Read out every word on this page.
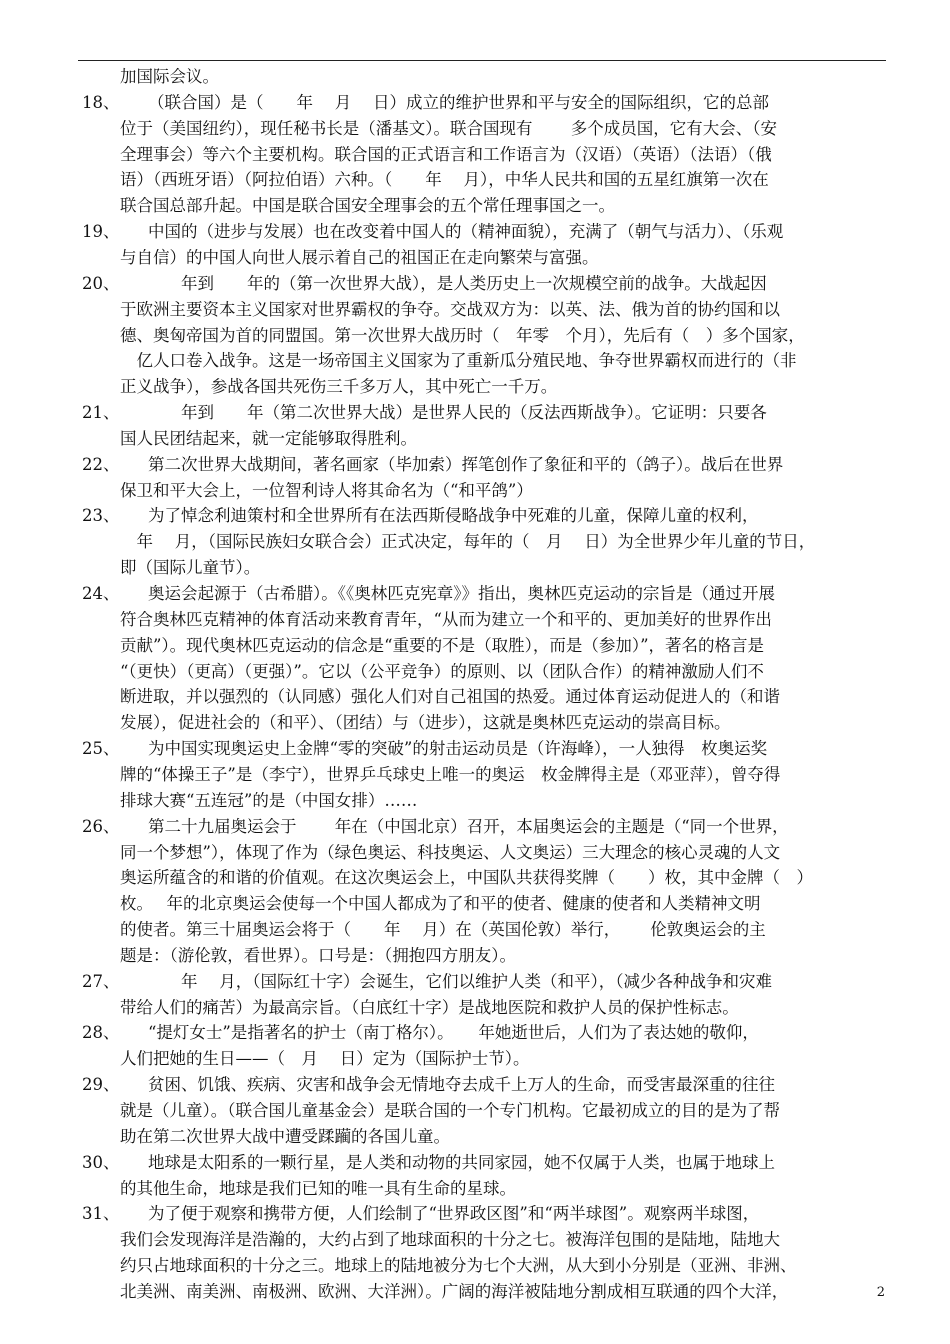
加国际会议。
18、 （联合国）是（　　年　 月　 日）成立的维护世界和平与安全的国际组织，它的总部
位于（美国纽约），现任秘书长是（潘基文）。联合国现有　　 多个成员国，它有大会、（安
全理事会）等六个主要机构。联合国的正式语言和工作语言为（汉语）（英语）（法语）（俄
语）（西班牙语）（阿拉伯语）六种。（　　年　 月），中华人民共和国的五星红旗第一次在
联合国总部升起。中国是联合国安全理事会的五个常任理事国之一。
19、 中国的（进步与发展）也在改变着中国人的（精神面貌），充满了（朝气与活力）、（乐观
与自信）的中国人向世人展示着自己的祖国正在走向繁荣与富强。
20、　　年到　　年的（第一次世界大战），是人类历史上一次规模空前的战争。大战起因
于欧洲主要资本主义国家对世界霸权的争夺。交战双方为：以英、法、俄为首的协约国和以
德、奥匈帝国为首的同盟国。第一次世界大战历时（　年零　个月），先后有（　）多个国家，
　亿人口卷入战争。这是一场帝国主义国家为了重新瓜分殖民地、争夺世界霸权而进行的（非
正义战争），参战各国共死伤三千多万人，其中死亡一千万。
21、　　年到　　年（第二次世界大战）是世界人民的（反法西斯战争）。它证明：只要各
国人民团结起来，就一定能够取得胜利。
22、 第二次世界大战期间，著名画家（毕加索）挥笔创作了象征和平的（鸽子）。战后在世界
保卫和平大会上，一位智利诗人将其命名为（“和平鸽”）
23、 为了悼念利迪策村和全世界所有在法西斯侵略战争中死难的儿童，保障儿童的权利，
　年　 月，（国际民族妇女联合会）正式决定，每年的（　月　 日）为全世界少年儿童的节日，
即（国际儿童节）。
24、 奥运会起源于（古希腊）。《《奥林匹克宪章》》指出，奥林匹克运动的宗旨是（通过开展
符合奥林匹克精神的体育活动来教育青年，“从而为建立一个和平的、更加美好的世界作出
贡献”）。现代奥林匹克运动的信念是“重要的不是（取胜），而是（参加）”，著名的格言是
“（更快）（更高）（更强）”。它以（公平竞争）的原则、以（团队合作）的精神激励人们不
断进取，并以强烈的（认同感）强化人们对自己祖国的热爱。通过体育运动促进人的（和谐
发展），促进社会的（和平）、（团结）与（进步），这就是奥林匹克运动的崇高目标。
25、 为中国实现奥运史上金牌“零的突破”的射击运动员是（许海峰），一人独得　枚奥运奖
牌的“体操王子”是（李宁），世界乒乓球史上唯一的奥运　枚金牌得主是（邓亚萍），曾夺得
排球大赛“五连冠”的是（中国女排）……
26、 第二十九届奥运会于　　 年在（中国北京）召开，本届奥运会的主题是（“同一个世界，
同一个梦想”），体现了作为（绿色奥运、科技奥运、人文奥运）三大理念的核心灵魂的人文
奥运所蕴含的和谐的价值观。在这次奥运会上，中国队共获得奖牌（　　）枚，其中金牌（　）
枚。　 年的北京奥运会使每一个中国人都成为了和平的使者、健康的使者和人类精神文明
的使者。第三十届奥运会将于（　　年　 月）在（英国伦敦）举行，　　 伦敦奥运会的主
题是：（游伦敦，看世界）。口号是：（拥抱四方朋友）。
27、　　年　 月，（国际红十字）会诞生，它们以维护人类（和平），（减少各种战争和灾难
带给人们的痛苦）为最高宗旨。（白底红十字）是战地医院和救护人员的保护性标志。
28、 “提灯女士”是指著名的护士（南丁格尔）。　　年她逝世后，人们为了表达她的敬仰，
人们把她的生日——（　月　 日）定为（国际护士节）。
29、 贫困、饥饿、疾病、灾害和战争会无情地夺去成千上万人的生命，而受害最深重的往往
就是（儿童）。（联合国儿童基金会）是联合国的一个专门机构。它最初成立的目的是为了帮
助在第二次世界大战中遭受蹂躏的各国儿童。
30、 地球是太阳系的一颗行星，是人类和动物的共同家园，她不仅属于人类，也属于地球上
的其他生命，地球是我们已知的唯一具有生命的星球。
31、 为了便于观察和携带方便，人们绘制了“世界政区图”和“两半球图”。观察两半球图，
我们会发现海洋是浩瀚的，大约占到了地球面积的十分之七。被海洋包围的是陆地，陆地大
约只占地球面积的十分之三。地球上的陆地被分为七个大洲，从大到小分别是（亚洲、非洲、
北美洲、南美洲、南极洲、欧洲、大洋洲）。广阔的海洋被陆地分割成相互联通的四个大洋，	2
